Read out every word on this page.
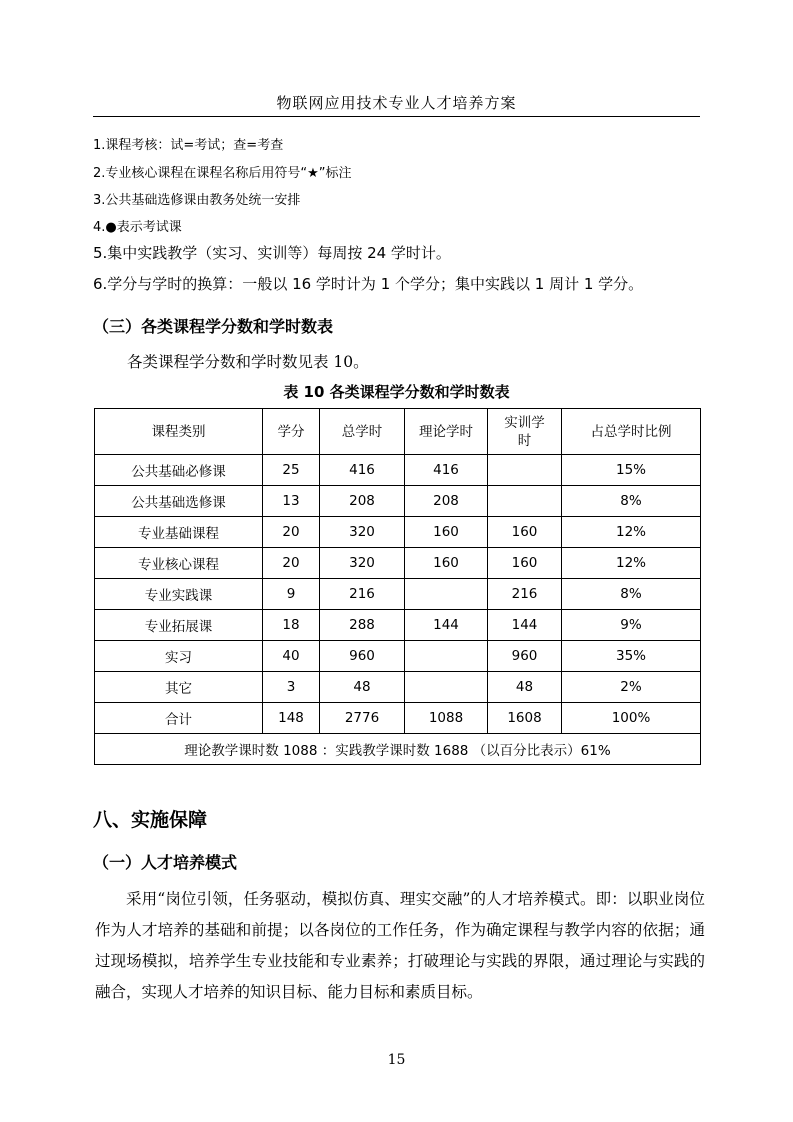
物联网应用技术专业人才培养方案
1.课程考核：试=考试；查=考查
2.专业核心课程在课程名称后用符号“★”标注
3.公共基础选修课由教务处统一安排
4.●表示考试课
5.集中实践教学（实习、实训等）每周按 24 学时计。
6.学分与学时的换算：一般以 16 学时计为 1 个学分；集中实践以 1 周计 1 学分。
（三）各类课程学分数和学时数表
各类课程学分数和学时数见表 10。
表 10 各类课程学分数和学时数表
课程类别	学分	总学时	理论学时	实训学时	占总学时比例
公共基础必修课	25	416	416		15%
公共基础选修课	13	208	208		8%
专业基础课程	20	320	160	160	12%
专业核心课程	20	320	160	160	12%
专业实践课	9	216		216	8%
专业拓展课	18	288	144	144	9%
实习	40	960		960	35%
其它	3	48		48	2%
合计	148	2776	1088	1608	100%
理论教学课时数 1088 ：实践教学课时数 1688 （以百分比表示）61%					
八、实施保障
（一）人才培养模式
采用“岗位引领，任务驱动，模拟仿真、理实交融”的人才培养模式。即：以职业岗位作为人才培养的基础和前提；以各岗位的工作任务，作为确定课程与教学内容的依据；通过现场模拟，培养学生专业技能和专业素养；打破理论与实践的界限，通过理论与实践的融合，实现人才培养的知识目标、能力目标和素质目标。
15
